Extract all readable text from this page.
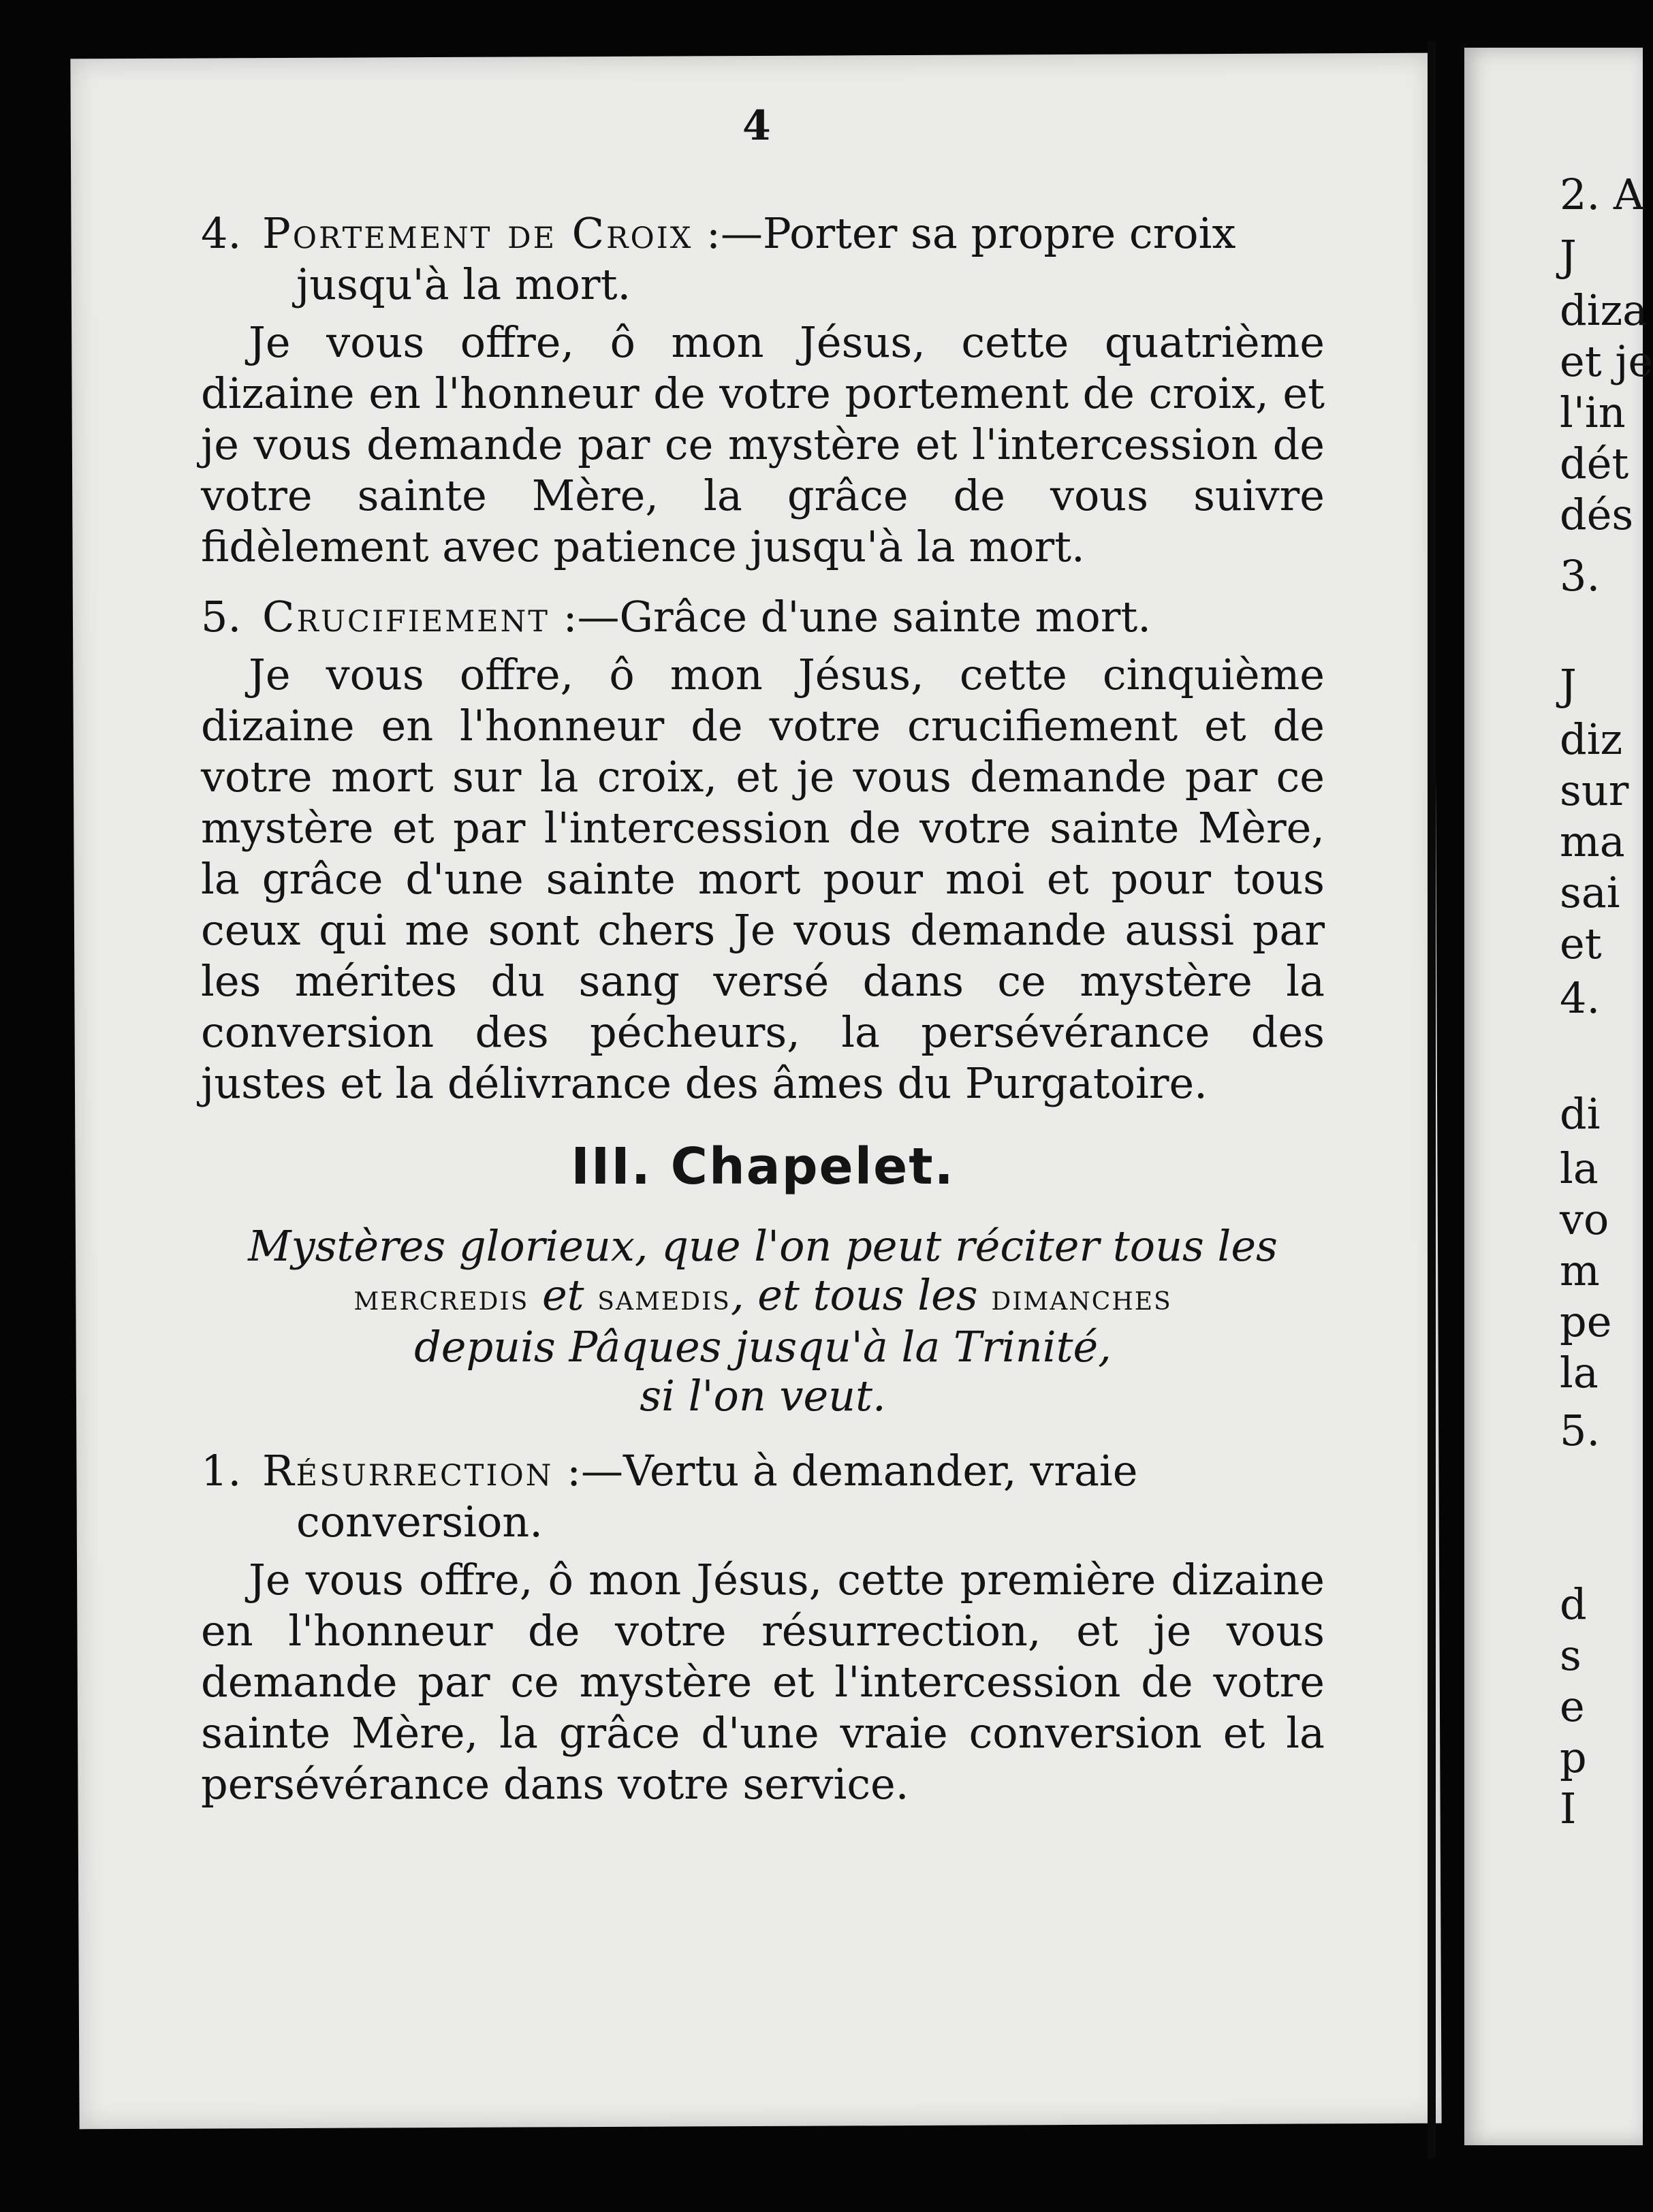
4
4. Portement de Croix :—Porter sa propre croix jusqu'à la mort.

Je vous offre, ô mon Jésus, cette quatrième dizaine en l'honneur de votre portement de croix, et je vous demande par ce mystère et l'intercession de votre sainte Mère, la grâce de vous suivre fidèlement avec patience jusqu'à la mort.

5. Crucifiement :—Grâce d'une sainte mort.

Je vous offre, ô mon Jésus, cette cinquième dizaine en l'honneur de votre crucifiement et de votre mort sur la croix, et je vous demande par ce mystère et par l'intercession de votre sainte Mère, la grâce d'une sainte mort pour moi et pour tous ceux qui me sont chers Je vous demande aussi par les mérites du sang versé dans ce mystère la conversion des pécheurs, la persévérance des justes et la délivrance des âmes du Purgatoire.

III. Chapelet.
Mystères glorieux, que l'on peut réciter tous les
mercredis et samedis, et tous les dimanches
depuis Pâques jusqu'à la Trinité,
si l'on veut.
1. Résurrection :—Vertu à demander, vraie conversion.

Je vous offre, ô mon Jésus, cette première dizaine en l'honneur de votre résurrection, et je vous demande par ce mystère et l'intercession de votre sainte Mère, la grâce d'une vraie conversion et la persévérance dans votre service.

2. A
J
diza
et je
l'in
dét
dés
3.
J
diz
sur
ma
sai
et
4.
di
la
vo
m
pe
la
5.
d
s
e
p
I
